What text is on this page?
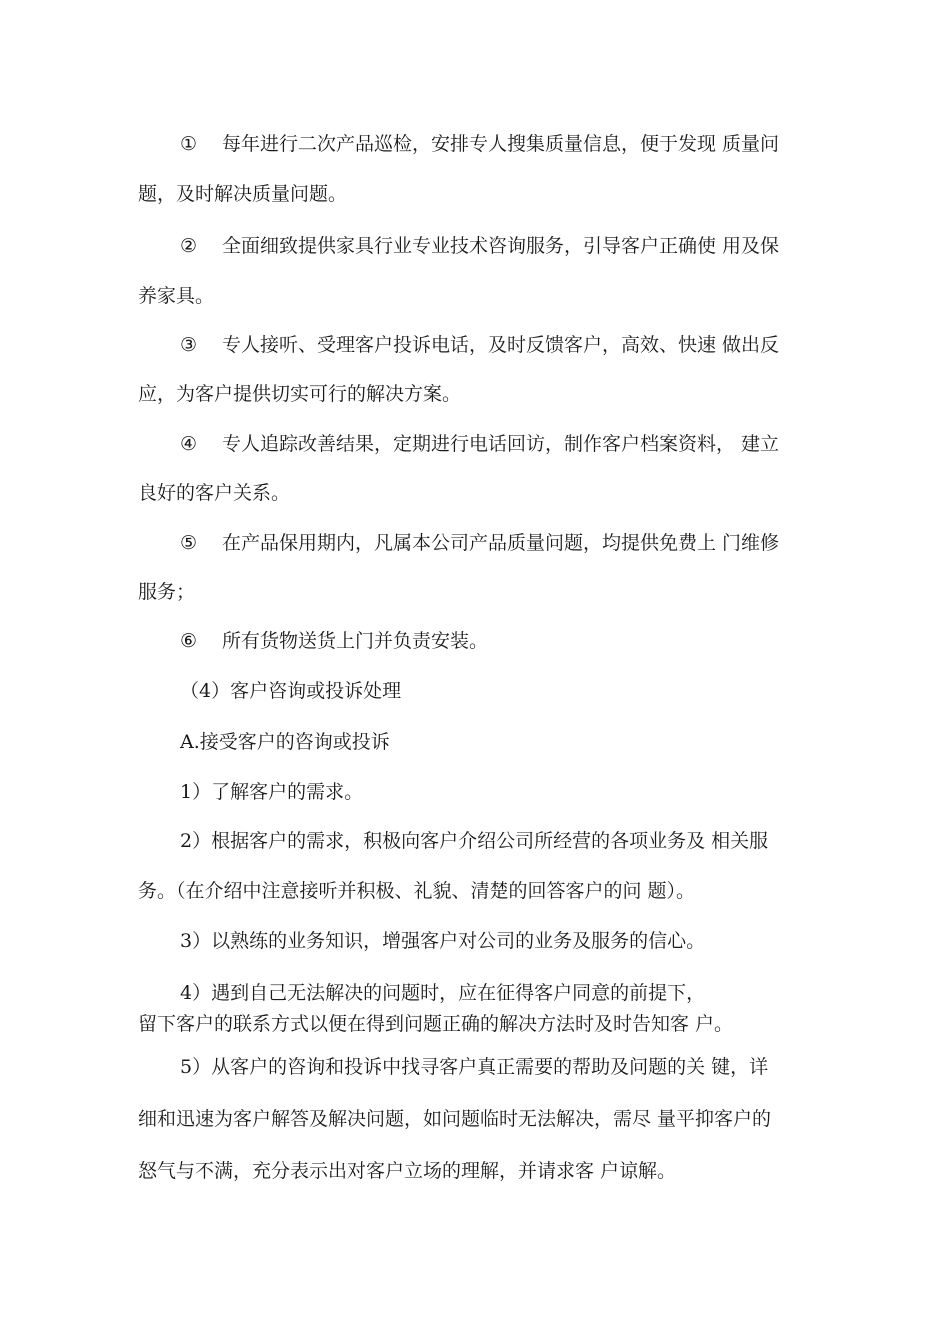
①	每年进行二次产品巡检，安排专人搜集质量信息，便于发现 质量问
题，及时解决质量问题。
②	全面细致提供家具行业专业技术咨询服务，引导客户正确使 用及保
养家具。
③	专人接听、受理客户投诉电话，及时反馈客户，高效、快速 做出反
应，为客户提供切实可行的解决方案。
④	专人追踪改善结果，定期进行电话回访，制作客户档案资料， 建立
良好的客户关系。
⑤	在产品保用期内，凡属本公司产品质量问题，均提供免费上 门维修
服务；
⑥	所有货物送货上门并负责安装。
（4）客户咨询或投诉处理
A.接受客户的咨询或投诉
1）了解客户的需求。
2）根据客户的需求，积极向客户介绍公司所经营的各项业务及 相关服
务。（在介绍中注意接听并积极、礼貌、清楚的回答客户的问 题）。
3）以熟练的业务知识，增强客户对公司的业务及服务的信心。
4）遇到自己无法解决的问题时，应在征得客户同意的前提下，
留下客户的联系方式以便在得到问题正确的解决方法时及时告知客 户。
5）从客户的咨询和投诉中找寻客户真正需要的帮助及问题的关 键，详
细和迅速为客户解答及解决问题，如问题临时无法解决，需尽 量平抑客户的
怒气与不满，充分表示出对客户立场的理解，并请求客 户谅解。
